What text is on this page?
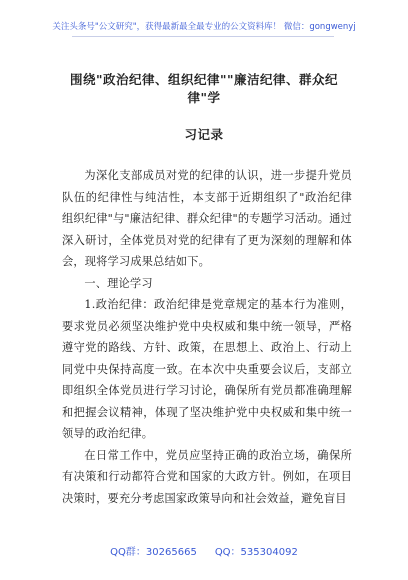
关注头条号"公文研究"，获得最新最全最专业的公文资料库！ 微信：gongwenyj
围绕"政治纪律、组织纪律""廉洁纪律、群众纪律"学
习记录

为深化支部成员对党的纪律的认识，进一步提升党员队伍的纪律性与纯洁性，本支部于近期组织了"政治纪律组织纪律"与"廉洁纪律、群众纪律"的专题学习活动。通过深入研讨，全体党员对党的纪律有了更为深刻的理解和体会，现将学习成果总结如下。

一、理论学习

1.政治纪律：政治纪律是党章规定的基本行为准则，要求党员必须坚决维护党中央权威和集中统一领导，严格遵守党的路线、方针、政策，在思想上、政治上、行动上同党中央保持高度一致。在本次中央重要会议后，支部立即组织全体党员进行学习讨论，确保所有党员都准确理解和把握会议精神，体现了坚决维护党中央权威和集中统一领导的政治纪律。

在日常工作中，党员应坚持正确的政治立场，确保所有决策和行动都符合党和国家的大政方针。例如，在项目决策时，要充分考虑国家政策导向和社会效益，避免盲目

QQ群：30265665 QQ：535304092
